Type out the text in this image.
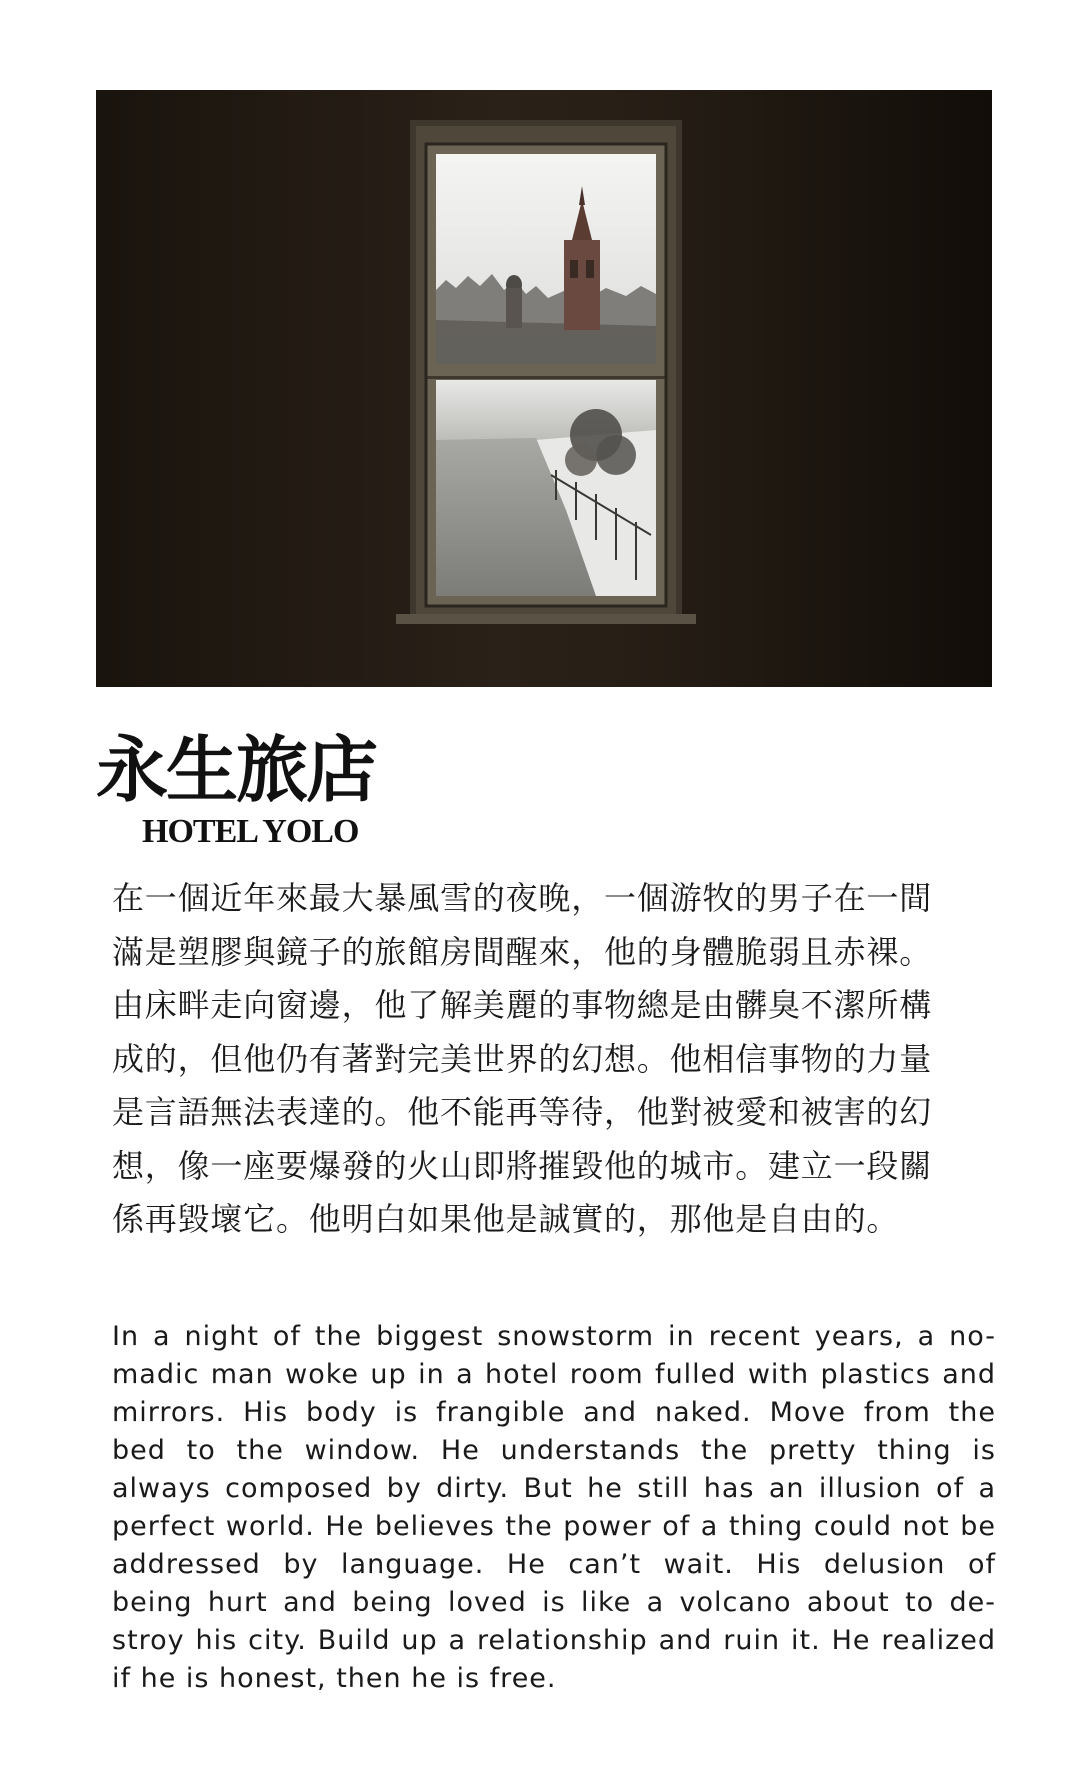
永生旅店

HOTEL YOLO

在一個近年來最大暴風雪的夜晚，一個游牧的男子在一間
滿是塑膠與鏡子的旅館房間醒來，他的身體脆弱且赤裸。
由床畔走向窗邊，他了解美麗的事物總是由髒臭不潔所構
成的，但他仍有著對完美世界的幻想。他相信事物的力量
是言語無法表達的。他不能再等待，他對被愛和被害的幻
想，像一座要爆發的火山即將摧毀他的城市。建立一段關
係再毀壞它。他明白如果他是誠實的，那他是自由的。
In a night of the biggest snowstorm in recent years, a no-
madic man woke up in a hotel room fulled with plastics and
mirrors. His body is frangible and naked. Move from the
bed to the window. He understands the pretty thing is
always composed by dirty. But he still has an illusion of a
perfect world. He believes the power of a thing could not be
addressed by language. He can’t wait. His delusion of
being hurt and being loved is like a volcano about to de-
stroy his city. Build up a relationship and ruin it. He realized
if he is honest, then he is free.
